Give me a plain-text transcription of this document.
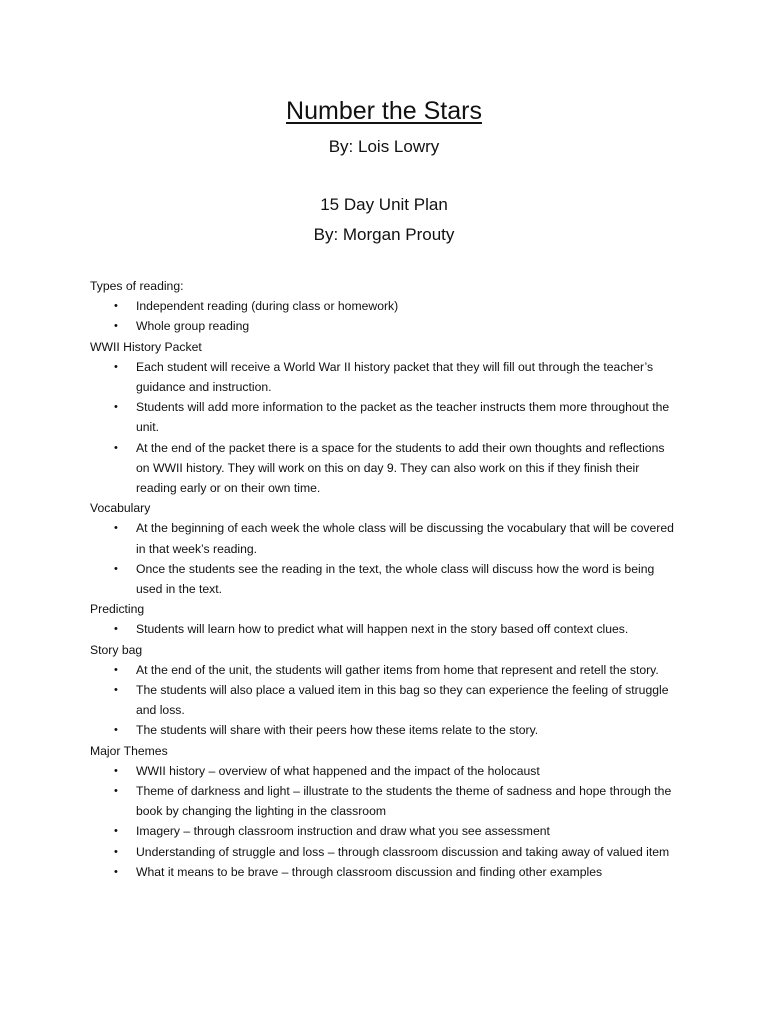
Number the Stars
By: Lois Lowry
15 Day Unit Plan
By: Morgan Prouty
Types of reading:
• Independent reading (during class or homework)
• Whole group reading
WWII History Packet
• Each student will receive a World War II history packet that they will fill out through the teacher’s guidance and instruction.
• Students will add more information to the packet as the teacher instructs them more throughout the unit.
• At the end of the packet there is a space for the students to add their own thoughts and reflections on WWII history. They will work on this on day 9. They can also work on this if they finish their reading early or on their own time.
Vocabulary
• At the beginning of each week the whole class will be discussing the vocabulary that will be covered in that week’s reading.
• Once the students see the reading in the text, the whole class will discuss how the word is being used in the text.
Predicting
• Students will learn how to predict what will happen next in the story based off context clues.
Story bag
• At the end of the unit, the students will gather items from home that represent and retell the story.
• The students will also place a valued item in this bag so they can experience the feeling of struggle and loss.
• The students will share with their peers how these items relate to the story.
Major Themes
• WWII history – overview of what happened and the impact of the holocaust
• Theme of darkness and light – illustrate to the students the theme of sadness and hope through the book by changing the lighting in the classroom
• Imagery – through classroom instruction and draw what you see assessment
• Understanding of struggle and loss – through classroom discussion and taking away of valued item
• What it means to be brave – through classroom discussion and finding other examples
